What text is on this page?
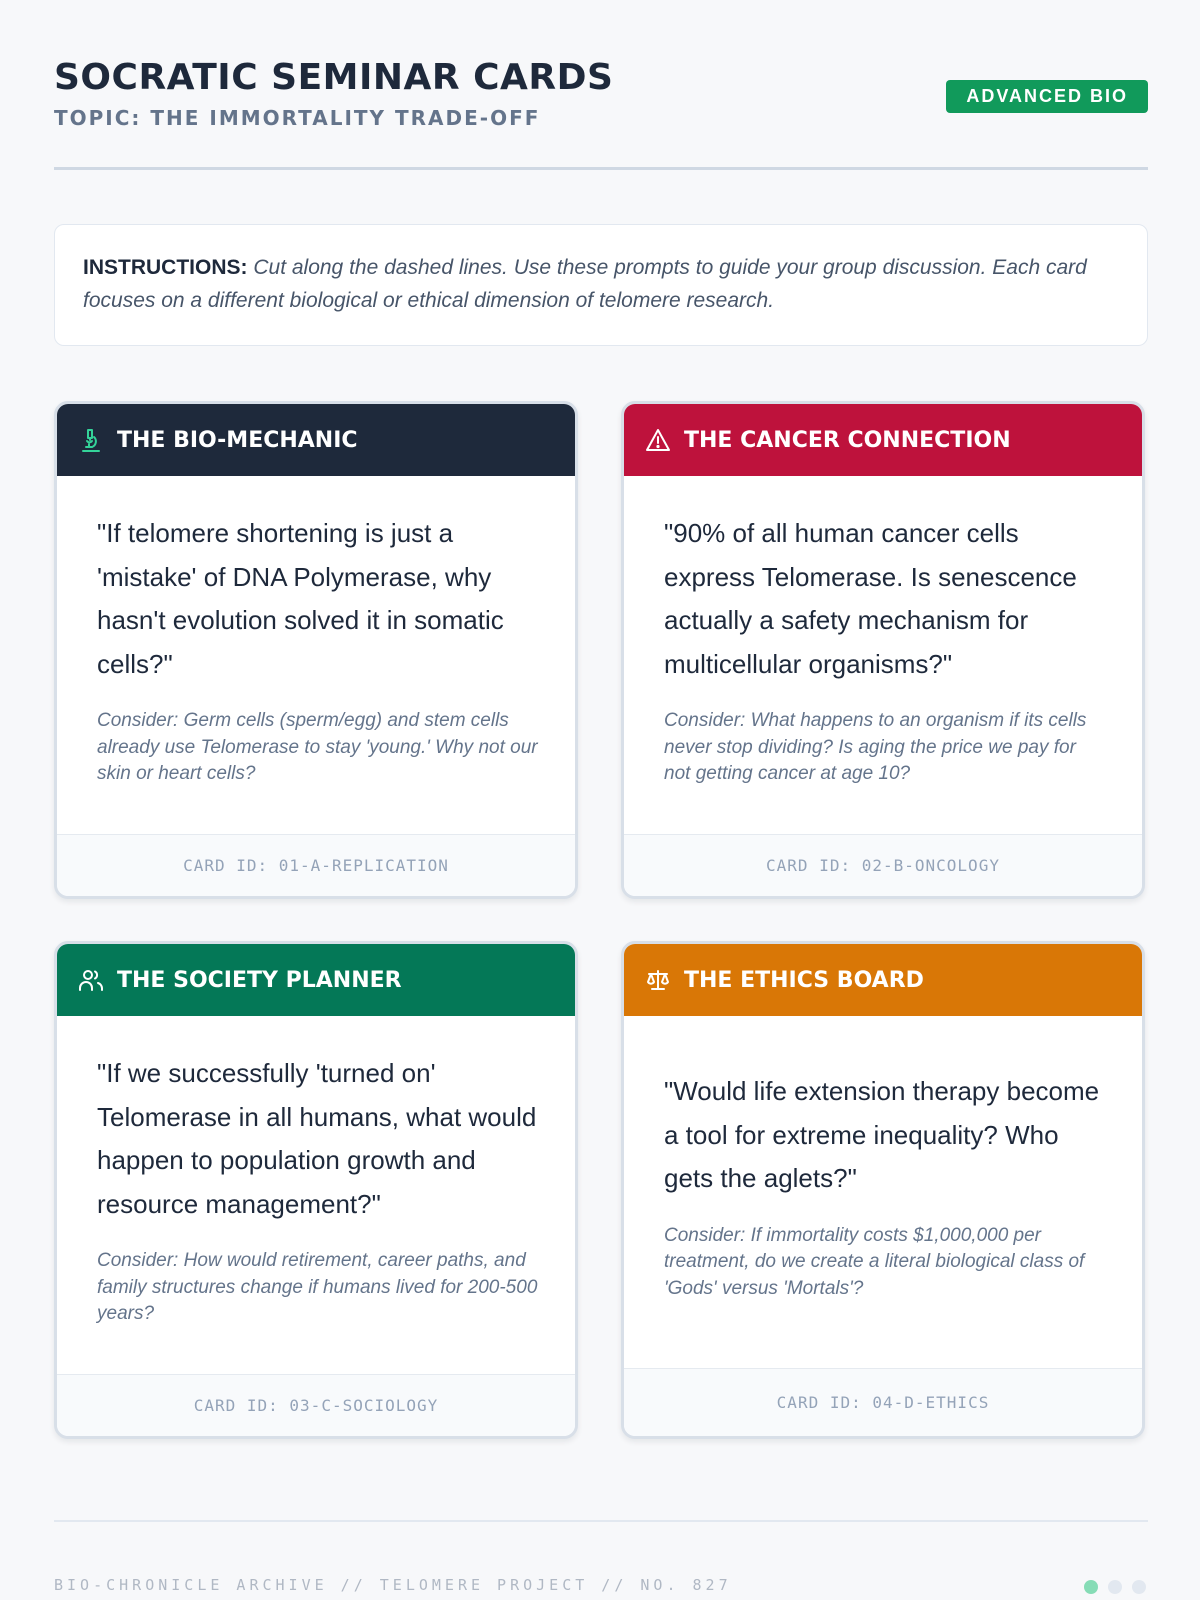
SOCRATIC SEMINAR CARDS
TOPIC: THE IMMORTALITY TRADE-OFF
ADVANCED BIO
INSTRUCTIONS: Cut along the dashed lines. Use these prompts to guide your group discussion. Each card focuses on a different biological or ethical dimension of telomere research.
THE BIO-MECHANIC
"If telomere shortening is just a 'mistake' of DNA Polymerase, why hasn't evolution solved it in somatic cells?"
Consider: Germ cells (sperm/egg) and stem cells already use Telomerase to stay 'young.' Why not our skin or heart cells?
CARD ID: 01-A-REPLICATION
THE CANCER CONNECTION
"90% of all human cancer cells express Telomerase. Is senescence actually a safety mechanism for multicellular organisms?"
Consider: What happens to an organism if its cells never stop dividing? Is aging the price we pay for not getting cancer at age 10?
CARD ID: 02-B-ONCOLOGY
THE SOCIETY PLANNER
"If we successfully 'turned on' Telomerase in all humans, what would happen to population growth and resource management?"
Consider: How would retirement, career paths, and family structures change if humans lived for 200-500 years?
CARD ID: 03-C-SOCIOLOGY
THE ETHICS BOARD
"Would life extension therapy become a tool for extreme inequality? Who gets the aglets?"
Consider: If immortality costs $1,000,000 per treatment, do we create a literal biological class of 'Gods' versus 'Mortals'?
CARD ID: 04-D-ETHICS
BIO-CHRONICLE ARCHIVE // TELOMERE PROJECT // NO. 827
